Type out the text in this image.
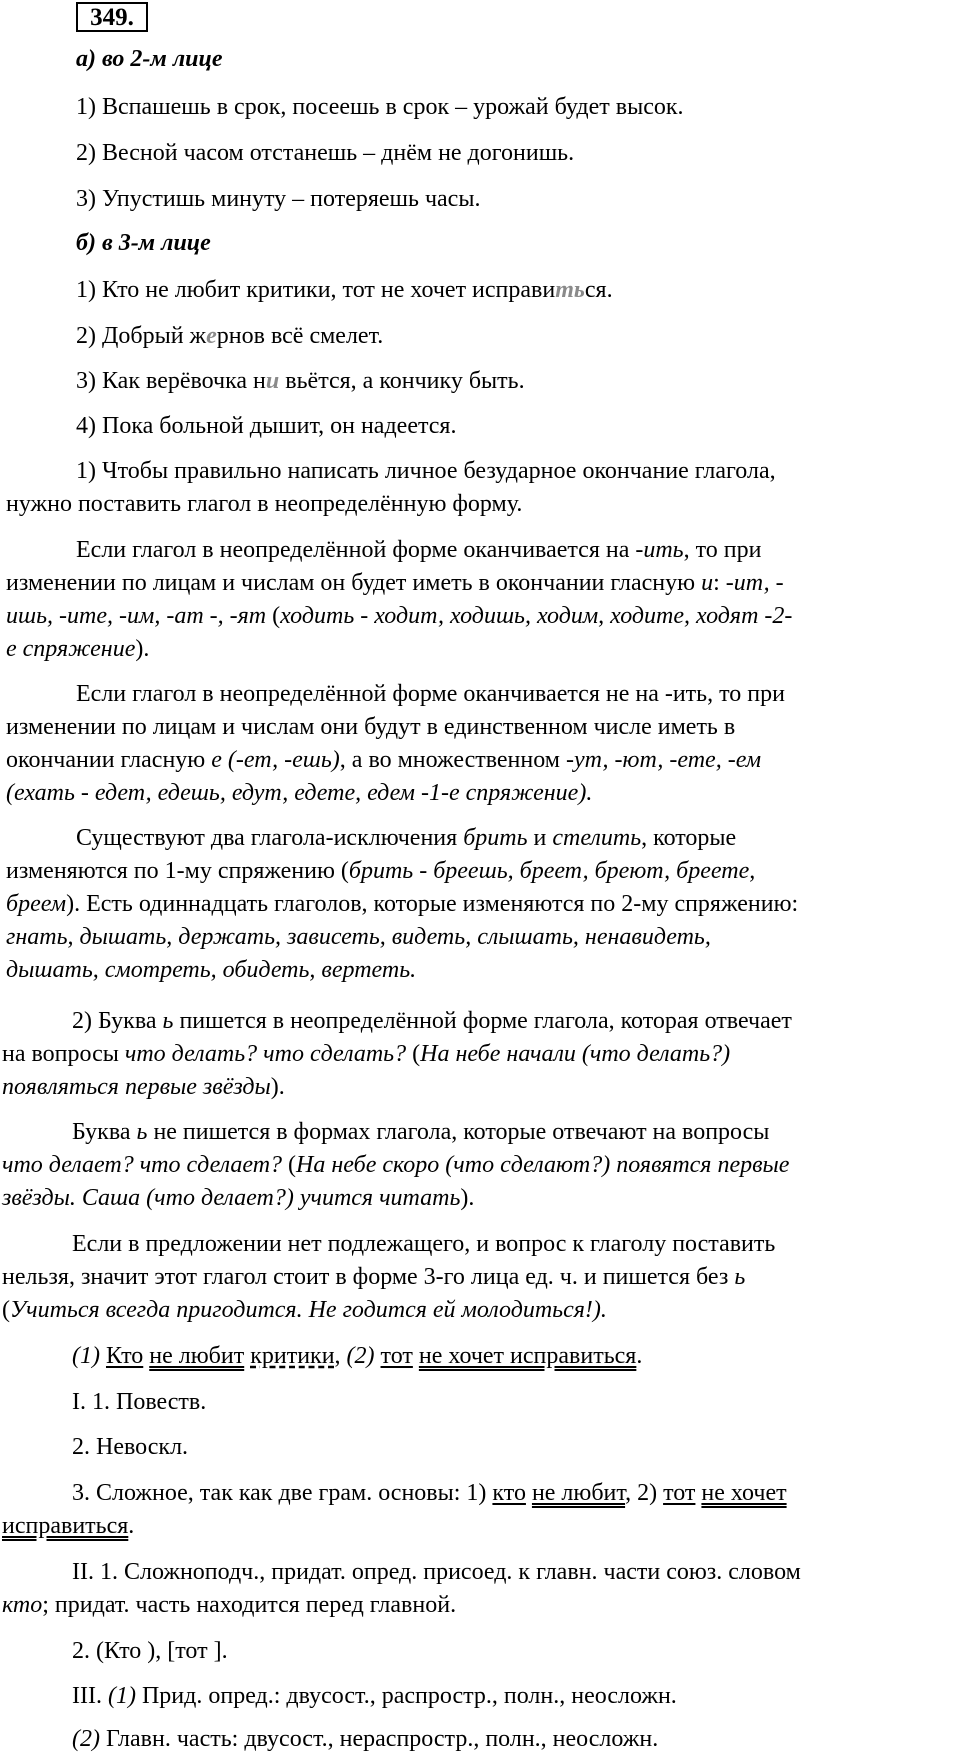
349.
а) во 2-м лице
1) Вспашешь в срок, посеешь в срок – урожай будет высок.
2) Весной часом отстанешь – днём не догонишь.
3) Упустишь минуту – потеряешь часы.
б) в 3-м лице
1) Кто не любит критики, тот не хочет исправиться.
2) Добрый жернов всё смелет.
3) Как верёвочка ни вьётся, а кончику быть.
4) Пока больной дышит, он надеется.
1) Чтобы правильно написать личное безударное окончание глагола,
нужно поставить глагол в неопределённую форму.
Если глагол в неопределённой форме оканчивается на -ить, то при
изменении по лицам и числам он будет иметь в окончании гласную и: -ит, -
ишь, -ите, -им, -ат -, -ят (ходить - ходит, ходишь, ходим, ходите, ходят -2-
е спряжение).
Если глагол в неопределённой форме оканчивается не на -ить, то при
изменении по лицам и числам они будут в единственном числе иметь в
окончании гласную е (-ет, -ешь), а во множественном -ут, -ют, -ете, -ем
(ехать - едет, едешь, едут, едете, едем -1-е спряжение).
Существуют два глагола-исключения брить и стелить, которые
изменяются по 1-му спряжению (брить - бреешь, бреет, бреют, бреете,
бреем). Есть одиннадцать глаголов, которые изменяются по 2-му спряжению:
гнать, дышать, держать, зависеть, видеть, слышать, ненавидеть,
дышать, смотреть, обидеть, вертеть.
2) Буква ь пишется в неопределённой форме глагола, которая отвечает
на вопросы что делать? что сделать? (На небе начали (что делать?)
появляться первые звёзды).
Буква ь не пишется в формах глагола, которые отвечают на вопросы
что делает? что сделает? (На небе скоро (что сделают?) появятся первые
звёзды. Саша (что делает?) учится читать).
Если в предложении нет подлежащего, и вопрос к глаголу поставить
нельзя, значит этот глагол стоит в форме 3-го лица ед. ч. и пишется без ь
(Учиться всегда пригодится. Не годится ей молодиться!).
(1) Кто не любит критики, (2) тот не хочет исправиться.
I. 1. Повеств.
2. Невоскл.
3. Сложное, так как две грам. основы: 1) кто не любит, 2) тот не хочет
исправиться.
II. 1. Сложноподч., придат. опред. присоед. к главн. части союз. словом
кто; придат. часть находится перед главной.
2. (Кто ), [тот ].
III. (1) Прид. опред.: двусост., распростр., полн., неосложн.
(2) Главн. часть: двусост., нераспростр., полн., неосложн.
